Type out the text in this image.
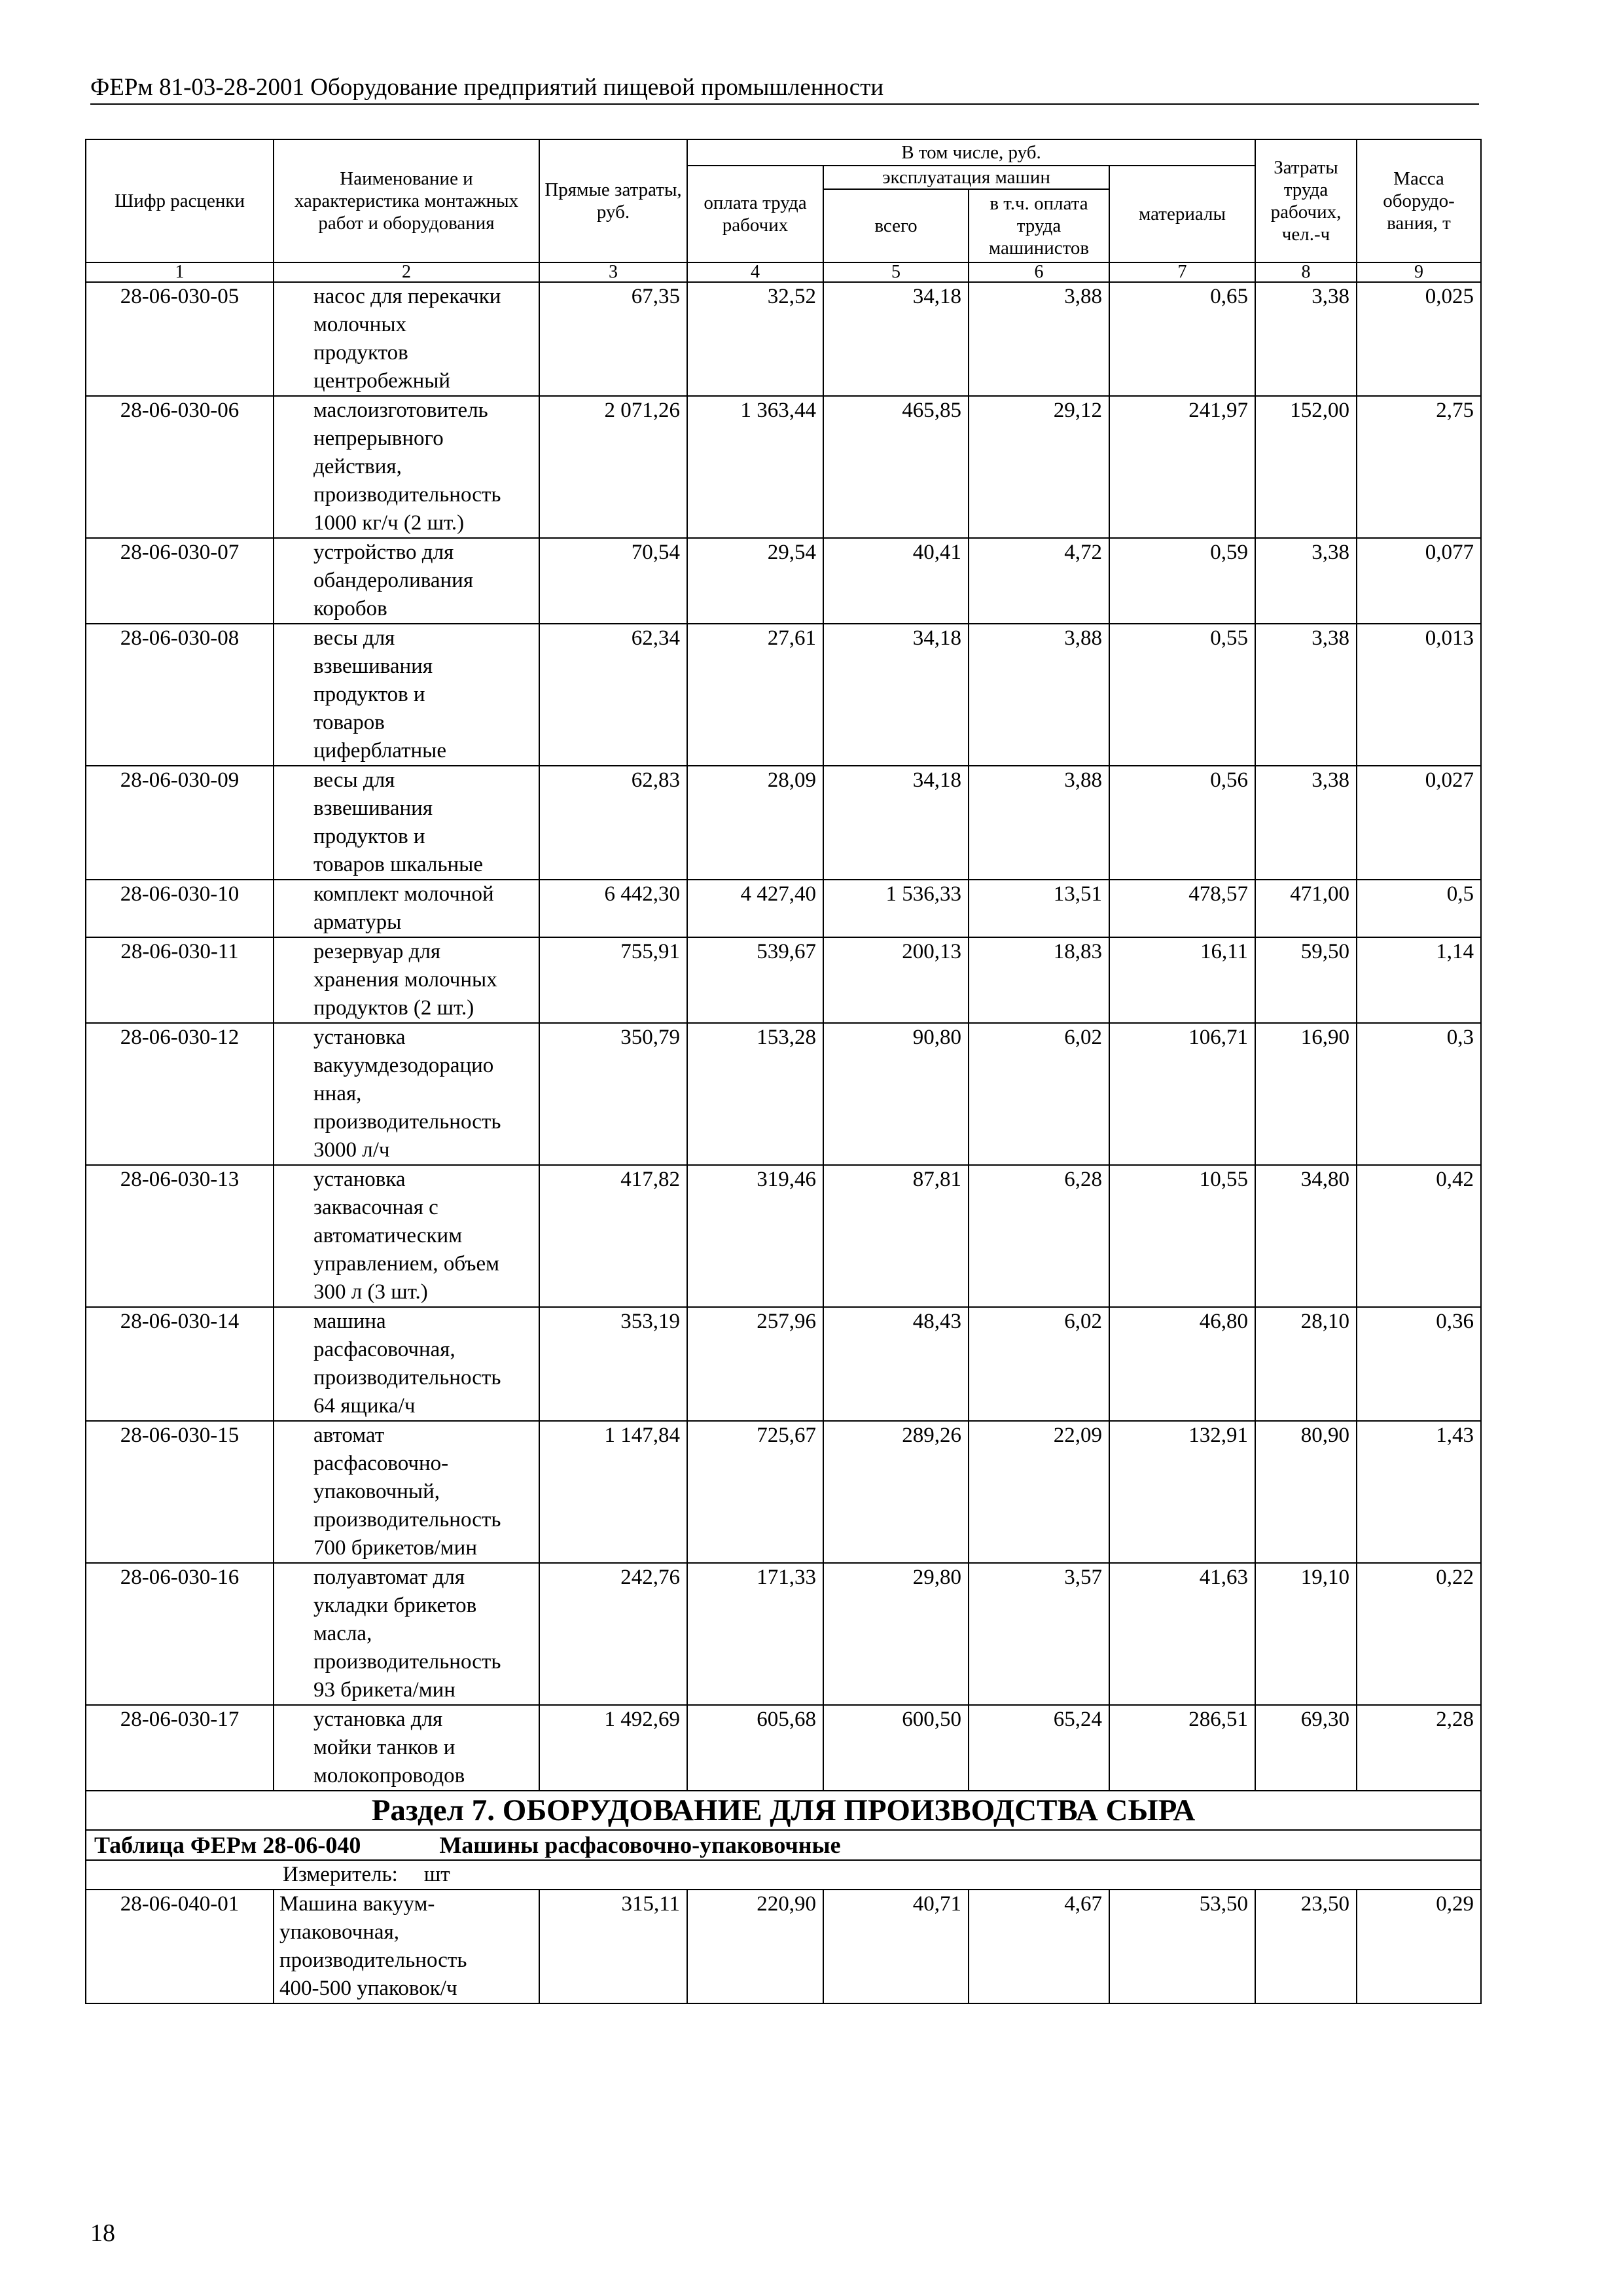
ФЕРм 81-03-28-2001 Оборудование предприятий пищевой промышленности
Шифр расценки	Наименование и характеристика монтажных работ и оборудования	Прямые затраты, руб.	В том числе, руб.				Затраты труда рабочих, чел.-ч	Масса оборудо-вания, т
			оплата труда рабочих	эксплуатация машин		материалы		
				всего	в т.ч. оплата труда машинистов			
1	2	3	4	5	6	7	8	9
28-06-030-05	насос для перекачки
молочных
продуктов
центробежный	67,35	32,52	34,18	3,88	0,65	3,38	0,025
28-06-030-06	маслоизготовитель
непрерывного
действия,
производительность
1000 кг/ч (2 шт.)	2 071,26	1 363,44	465,85	29,12	241,97	152,00	2,75
28-06-030-07	устройство для
обандероливания
коробов	70,54	29,54	40,41	4,72	0,59	3,38	0,077
28-06-030-08	весы для
взвешивания
продуктов и
товаров
циферблатные	62,34	27,61	34,18	3,88	0,55	3,38	0,013
28-06-030-09	весы для
взвешивания
продуктов и
товаров шкальные	62,83	28,09	34,18	3,88	0,56	3,38	0,027
28-06-030-10	комплект молочной
арматуры	6 442,30	4 427,40	1 536,33	13,51	478,57	471,00	0,5
28-06-030-11	резервуар для
хранения молочных
продуктов (2 шт.)	755,91	539,67	200,13	18,83	16,11	59,50	1,14
28-06-030-12	установка
вакуумдезодорацио
нная,
производительность
3000 л/ч	350,79	153,28	90,80	6,02	106,71	16,90	0,3
28-06-030-13	установка
заквасочная с
автоматическим
управлением, объем
300 л (3 шт.)	417,82	319,46	87,81	6,28	10,55	34,80	0,42
28-06-030-14	машина
расфасовочная,
производительность
64 ящика/ч	353,19	257,96	48,43	6,02	46,80	28,10	0,36
28-06-030-15	автомат
расфасовочно-
упаковочный,
производительность
700 брикетов/мин	1 147,84	725,67	289,26	22,09	132,91	80,90	1,43
28-06-030-16	полуавтомат для
укладки брикетов
масла,
производительность
93 брикета/мин	242,76	171,33	29,80	3,57	41,63	19,10	0,22
28-06-030-17	установка для
мойки танков и
молокопроводов	1 492,69	605,68	600,50	65,24	286,51	69,30	2,28
Раздел 7. ОБОРУДОВАНИЕ ДЛЯ ПРОИЗВОДСТВА СЫРА								
Таблица ФЕРм 28-06-040 Машины расфасовочно-упаковочные								
	Измеритель: шт							
28-06-040-01	Машина вакуум-
упаковочная,
производительность
400-500 упаковок/ч	315,11	220,90	40,71	4,67	53,50	23,50	0,29
18
